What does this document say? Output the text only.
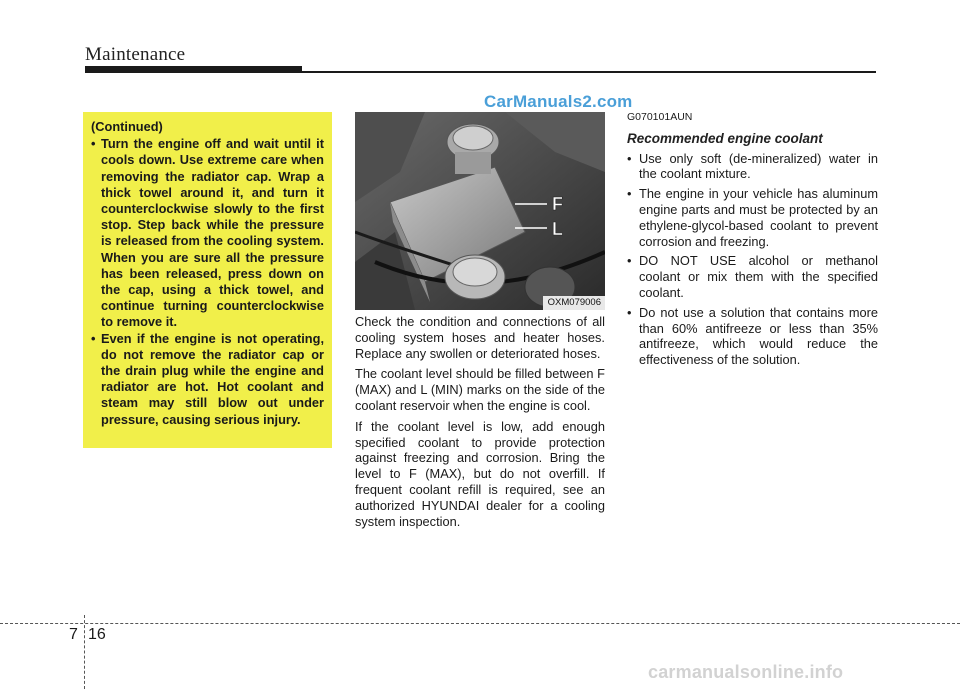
Maintenance
CarManuals2.com
(Continued)
• Turn the engine off and wait until it cools down. Use extreme care when removing the radiator cap. Wrap a thick towel around it, and turn it counterclockwise slowly to the first stop. Step back while the pressure is released from the cooling system. When you are sure all the pressure has been released, press down on the cap, using a thick towel, and continue turning counterclockwise to remove it.
• Even if the engine is not operating, do not remove the radiator cap or the drain plug while the engine and radiator are hot. Hot coolant and steam may still blow out under pressure, causing serious injury.
F
L
OXM079006

Check the condition and connections of all cooling system hoses and heater hoses. Replace any swollen or deteriorated hoses.

The coolant level should be filled between F (MAX) and L (MIN) marks on the side of the coolant reservoir when the engine is cool.

If the coolant level is low, add enough specified coolant to provide protection against freezing and corrosion. Bring the level to F (MAX), but do not overfill. If frequent coolant refill is required, see an authorized HYUNDAI dealer for a cooling system inspection.

G070101AUN
Recommended engine coolant
• Use only soft (de-mineralized) water in the coolant mixture.
• The engine in your vehicle has aluminum engine parts and must be protected by an ethylene-glycol-based coolant to prevent corrosion and freezing.
• DO NOT USE alcohol or methanol coolant or mix them with the specified coolant.
• Do not use a solution that contains more than 60% antifreeze or less than 35% antifreeze, which would reduce the effectiveness of the solution.
7 16
carmanualsonline.info
